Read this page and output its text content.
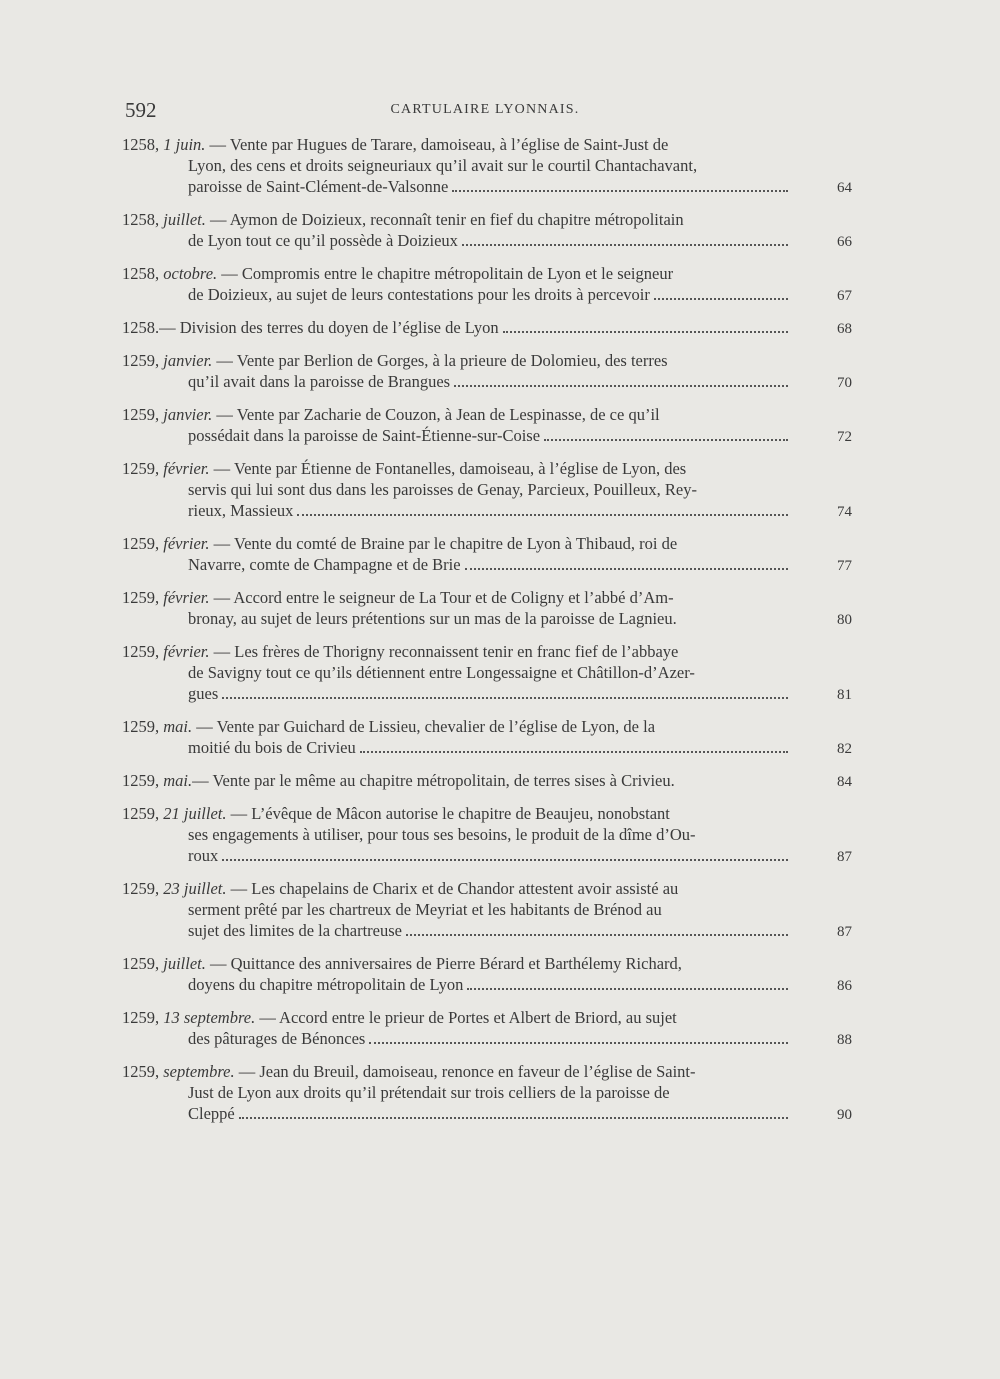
592	CARTULAIRE LYONNAIS.
1258, 1 juin. — Vente par Hugues de Tarare, damoiseau, à l’église de Saint-Just de
Lyon, des cens et droits seigneuriaux qu’il avait sur le courtil Chantachavant,
paroisse de Saint-Clément-de-Valsonne	64
1258, juillet. — Aymon de Doizieux, reconnaît tenir en fief du chapitre métropolitain
de Lyon tout ce qu’il possède à Doizieux	66
1258, octobre. — Compromis entre le chapitre métropolitain de Lyon et le seigneur
de Doizieux, au sujet de leurs contestations pour les droits à percevoir	67
1258. — Division des terres du doyen de l’église de Lyon	68
1259, janvier. — Vente par Berlion de Gorges, à la prieure de Dolomieu, des terres
qu’il avait dans la paroisse de Brangues	70
1259, janvier. — Vente par Zacharie de Couzon, à Jean de Lespinasse, de ce qu’il
possédait dans la paroisse de Saint-Étienne-sur-Coise	72
1259, février. — Vente par Étienne de Fontanelles, damoiseau, à l’église de Lyon, des
servis qui lui sont dus dans les paroisses de Genay, Parcieux, Pouilleux, Rey-
rieux, Massieux	74
1259, février. — Vente du comté de Braine par le chapitre de Lyon à Thibaud, roi de
Navarre, comte de Champagne et de Brie	77
1259, février. — Accord entre le seigneur de La Tour et de Coligny et l’abbé d’Am-
bronay, au sujet de leurs prétentions sur un mas de la paroisse de Lagnieu.	80
1259, février. — Les frères de Thorigny reconnaissent tenir en franc fief de l’abbaye
de Savigny tout ce qu’ils détiennent entre Longessaigne et Châtillon-d’Azer-
gues	81
1259, mai. — Vente par Guichard de Lissieu, chevalier de l’église de Lyon, de la
moitié du bois de Crivieu	82
1259, mai. — Vente par le même au chapitre métropolitain, de terres sises à Crivieu.	84
1259, 21 juillet. — L’évêque de Mâcon autorise le chapitre de Beaujeu, nonobstant
ses engagements à utiliser, pour tous ses besoins, le produit de la dîme d’Ou-
roux	87
1259, 23 juillet. — Les chapelains de Charix et de Chandor attestent avoir assisté au
serment prêté par les chartreux de Meyriat et les habitants de Brénod au
sujet des limites de la chartreuse	87
1259, juillet. — Quittance des anniversaires de Pierre Bérard et Barthélemy Richard,
doyens du chapitre métropolitain de Lyon	86
1259, 13 septembre. — Accord entre le prieur de Portes et Albert de Briord, au sujet
des pâturages de Bénonces	88
1259, septembre. — Jean du Breuil, damoiseau, renonce en faveur de l’église de Saint-
Just de Lyon aux droits qu’il prétendait sur trois celliers de la paroisse de
Cleppé	90
